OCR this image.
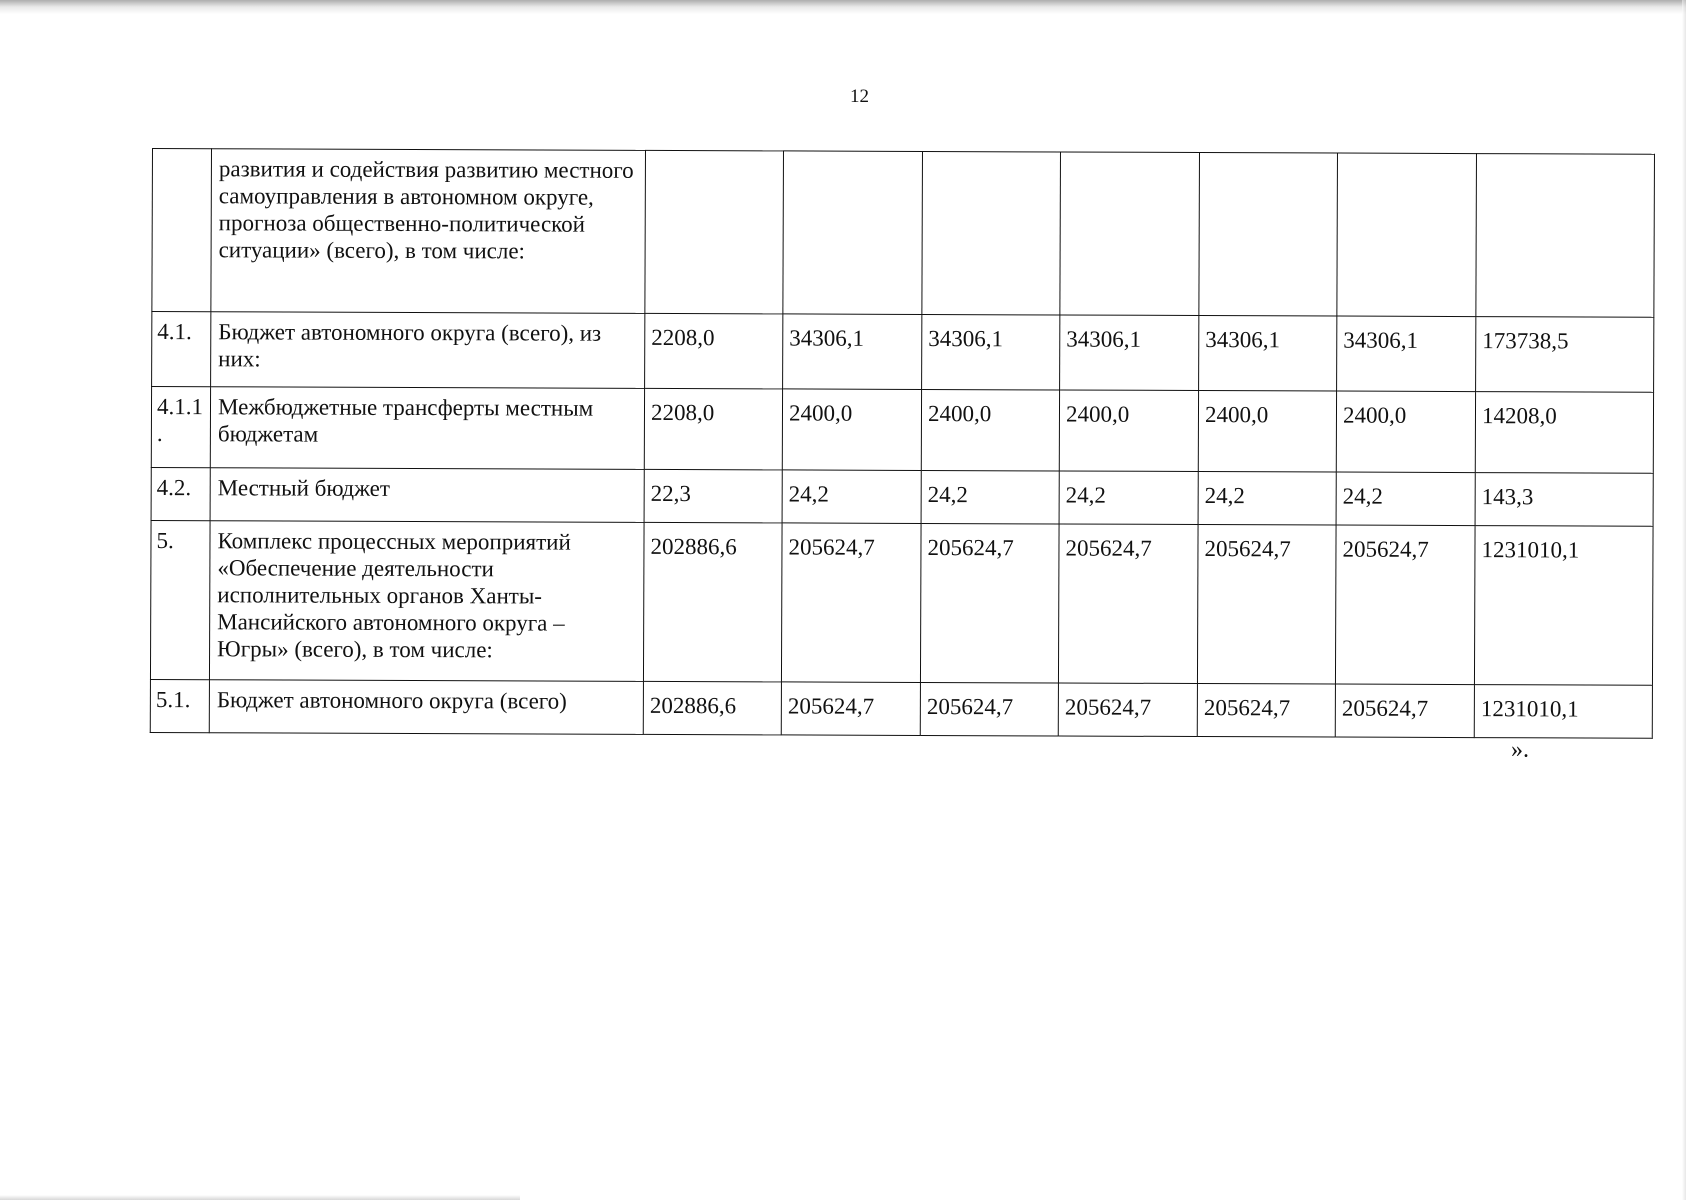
12
	развития и содействия развитию местного самоуправления в автономном округе, прогноза общественно-политической ситуации» (всего), в том числе:							
4.1.	Бюджет автономного округа (всего), из них:	2208,0	34306,1	34306,1	34306,1	34306,1	34306,1	173738,5
4.1.1.	Межбюджетные трансферты местным бюджетам	2208,0	2400,0	2400,0	2400,0	2400,0	2400,0	14208,0
4.2.	Местный бюджет	22,3	24,2	24,2	24,2	24,2	24,2	143,3
5.	Комплекс процессных мероприятий «Обеспечение деятельности исполнительных органов Ханты-Мансийского автономного округа – Югры» (всего), в том числе:	202886,6	205624,7	205624,7	205624,7	205624,7	205624,7	1231010,1
5.1.	Бюджет автономного округа (всего)	202886,6	205624,7	205624,7	205624,7	205624,7	205624,7	1231010,1
».
